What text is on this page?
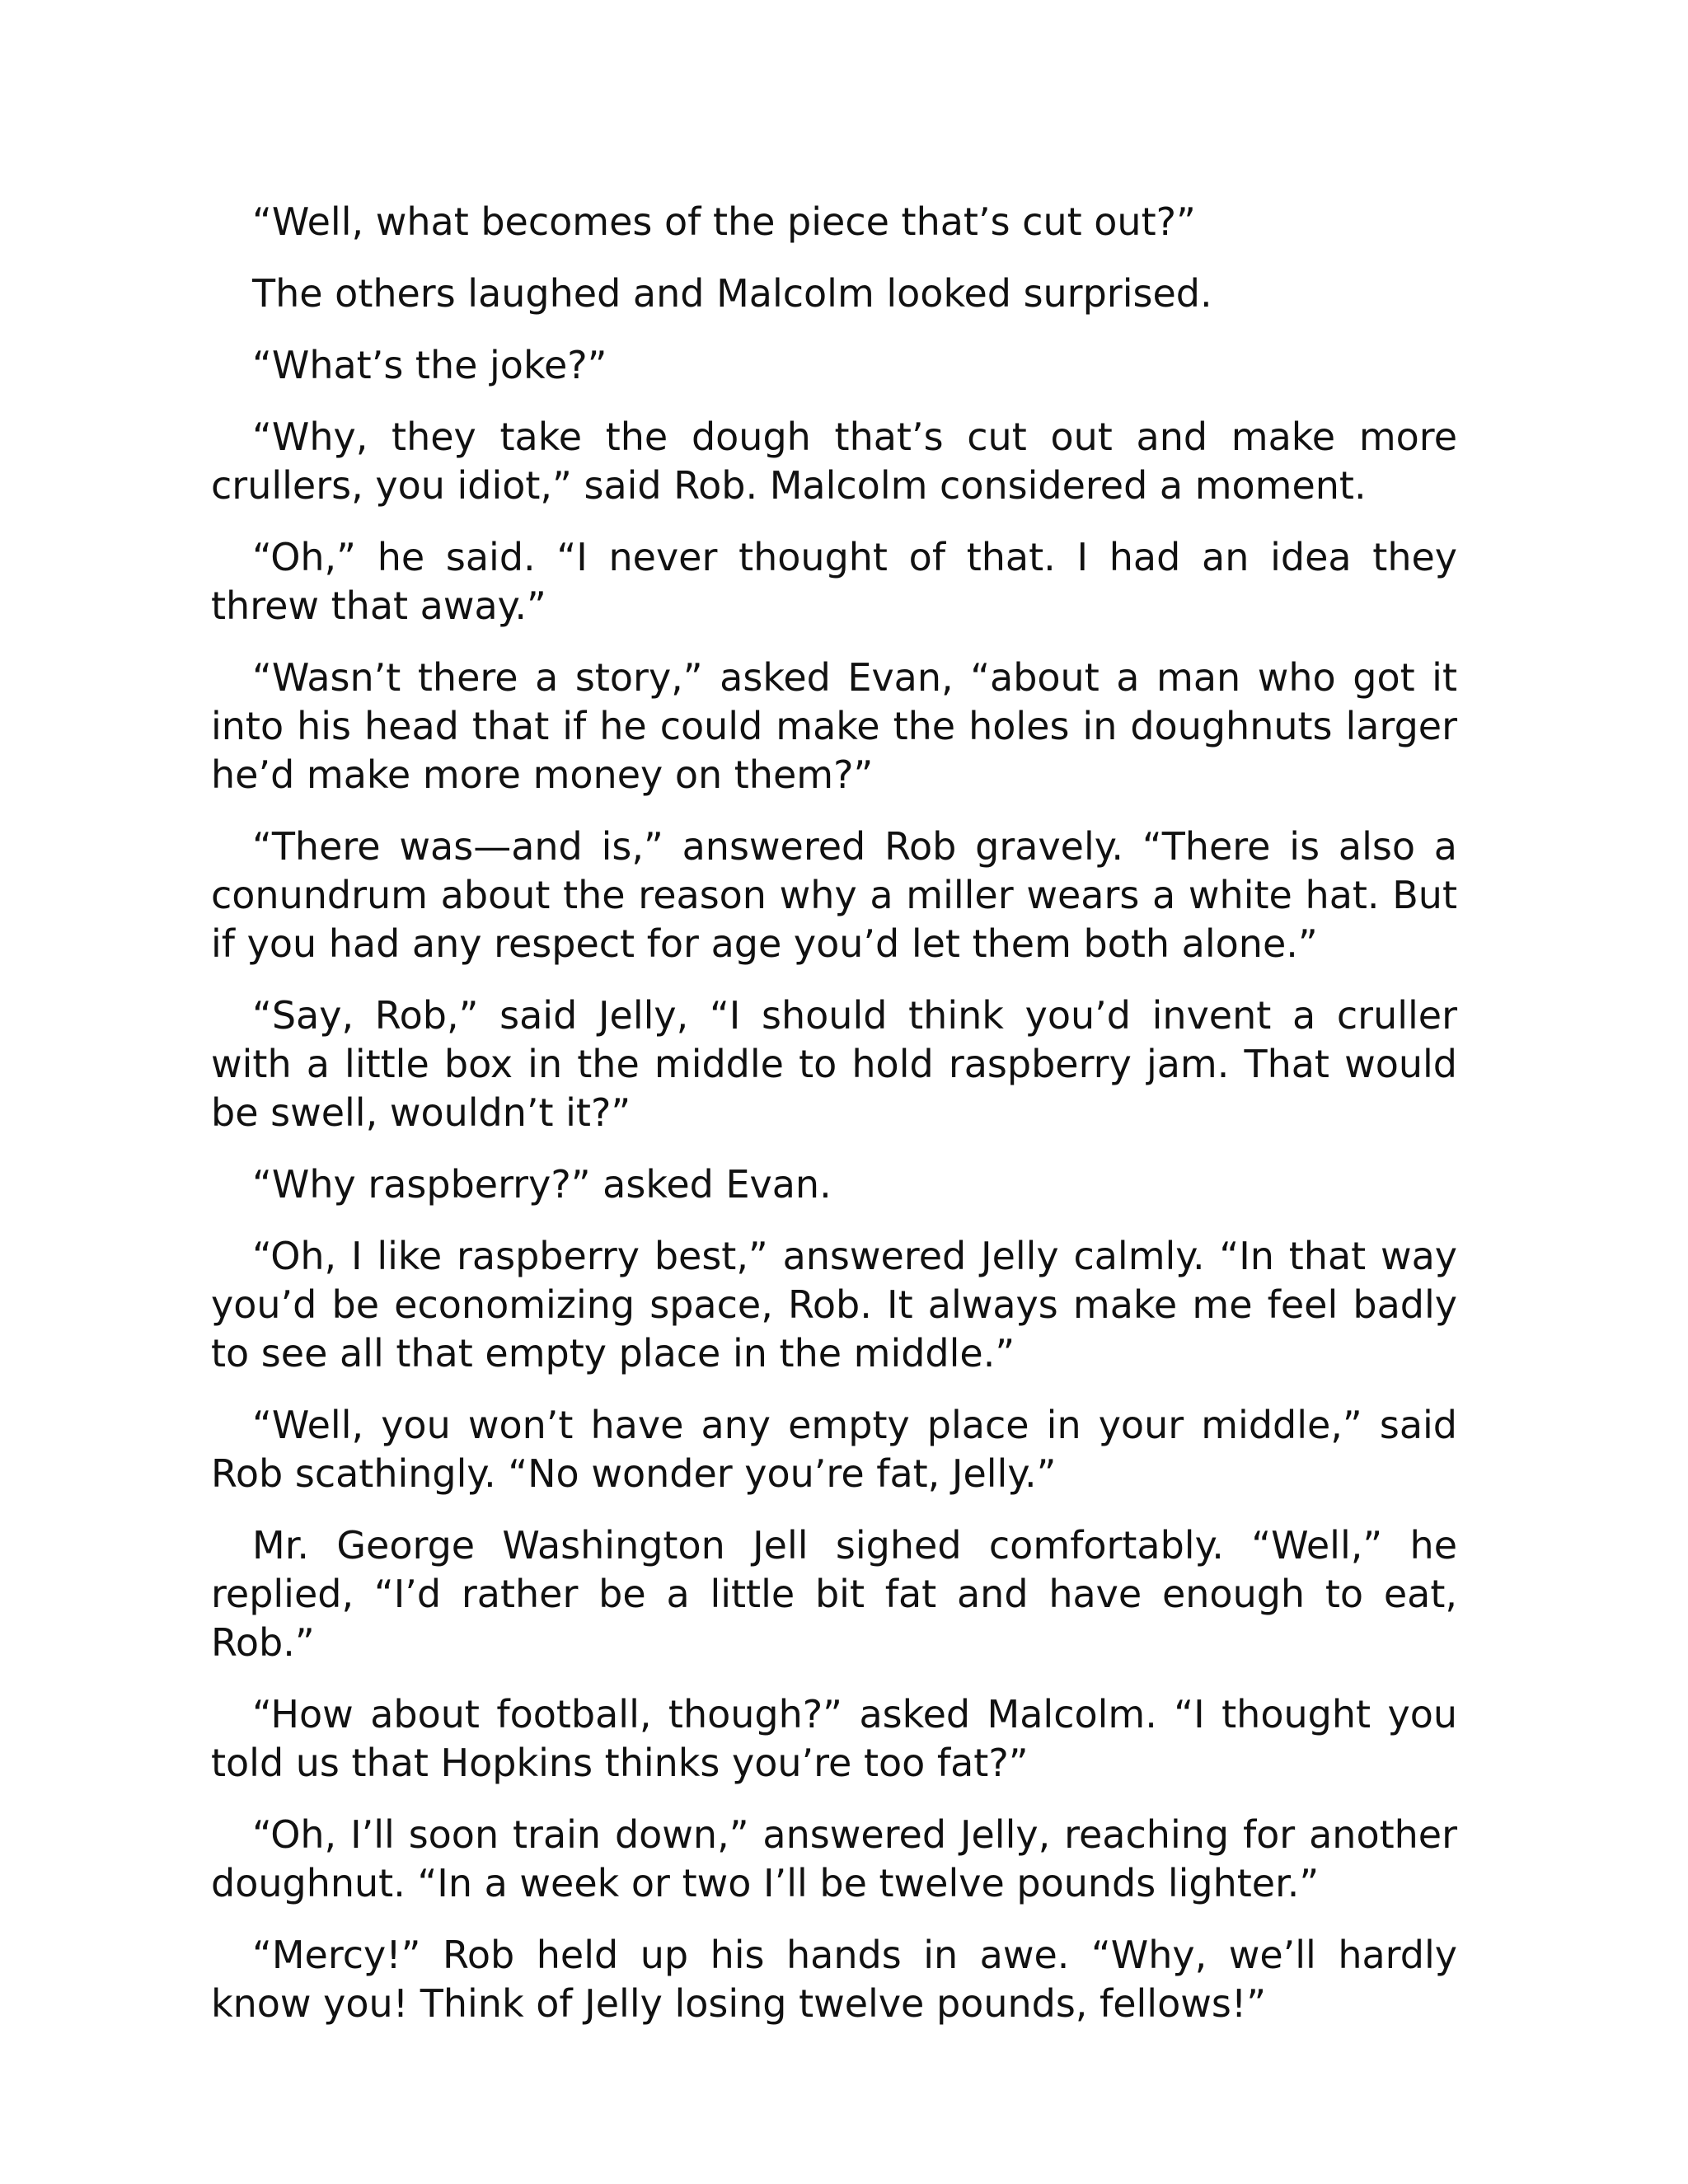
“Well, what becomes of the piece that’s cut out?”

The others laughed and Malcolm looked surprised.

“What’s the joke?”

“Why, they take the dough that’s cut out and make more crullers, you idiot,” said Rob. Malcolm considered a moment.

“Oh,” he said. “I never thought of that. I had an idea they threw that away.”

“Wasn’t there a story,” asked Evan, “about a man who got it into his head that if he could make the holes in doughnuts larger he’d make more money on them?”

“There was—and is,” answered Rob gravely. “There is also a conundrum about the reason why a miller wears a white hat. But if you had any respect for age you’d let them both alone.”

“Say, Rob,” said Jelly, “I should think you’d invent a cruller with a little box in the middle to hold raspberry jam. That would be swell, wouldn’t it?”

“Why raspberry?” asked Evan.

“Oh, I like raspberry best,” answered Jelly calmly. “In that way you’d be economizing space, Rob. It always make me feel badly to see all that empty place in the middle.”

“Well, you won’t have any empty place in your middle,” said Rob scathingly. “No wonder you’re fat, Jelly.”

Mr. George Washington Jell sighed comfortably. “Well,” he replied, “I’d rather be a little bit fat and have enough to eat, Rob.”

“How about football, though?” asked Malcolm. “I thought you told us that Hopkins thinks you’re too fat?”

“Oh, I’ll soon train down,” answered Jelly, reaching for another doughnut. “In a week or two I’ll be twelve pounds lighter.”

“Mercy!” Rob held up his hands in awe. “Why, we’ll hardly know you! Think of Jelly losing twelve pounds, fellows!”
